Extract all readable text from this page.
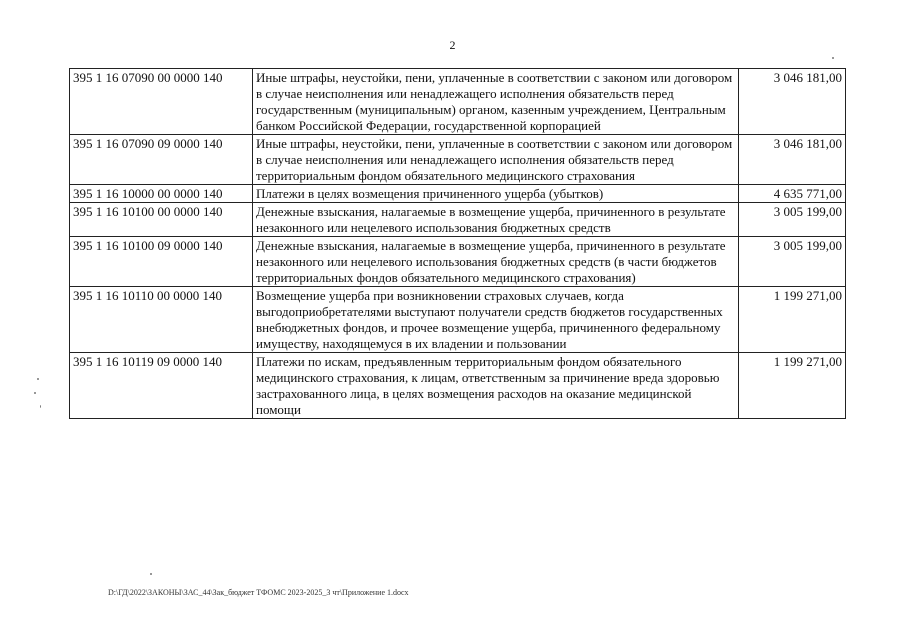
2
395 1 16 07090 00 0000 140	Иные штрафы, неустойки, пени, уплаченные в соответствии с законом или договором в случае неисполнения или ненадлежащего исполнения обязательств перед государственным (муниципальным) органом, казенным учреждением, Центральным банком Российской Федерации, государственной корпорацией	3 046 181,00
395 1 16 07090 09 0000 140	Иные штрафы, неустойки, пени, уплаченные в соответствии с законом или договором в случае неисполнения или ненадлежащего исполнения обязательств перед территориальным фондом обязательного медицинского страхования	3 046 181,00
395 1 16 10000 00 0000 140	Платежи в целях возмещения причиненного ущерба (убытков)	4 635 771,00
395 1 16 10100 00 0000 140	Денежные взыскания, налагаемые в возмещение ущерба, причиненного в результате незаконного или нецелевого использования бюджетных средств	3 005 199,00
395 1 16 10100 09 0000 140	Денежные взыскания, налагаемые в возмещение ущерба, причиненного в результате незаконного или нецелевого использования бюджетных средств (в части бюджетов территориальных фондов обязательного медицинского страхования)	3 005 199,00
395 1 16 10110 00 0000 140	Возмещение ущерба при возникновении страховых случаев, когда выгодоприобретателями выступают получатели средств бюджетов государственных внебюджетных фондов, и прочее возмещение ущерба, причиненного федеральному имуществу, находящемуся в их владении и пользовании	1 199 271,00
395 1 16 10119 09 0000 140	Платежи по искам, предъявленным территориальным фондом обязательного медицинского страхования, к лицам, ответственным за причинение вреда здоровью застрахованного лица, в целях возмещения расходов на оказание медицинской помощи	1 199 271,00
D:\ГД\2022\ЗАКОНЫ\ЗАС_44\Зак_бюджет ТФОМС 2023-2025_3 чт\Приложение 1.docx
